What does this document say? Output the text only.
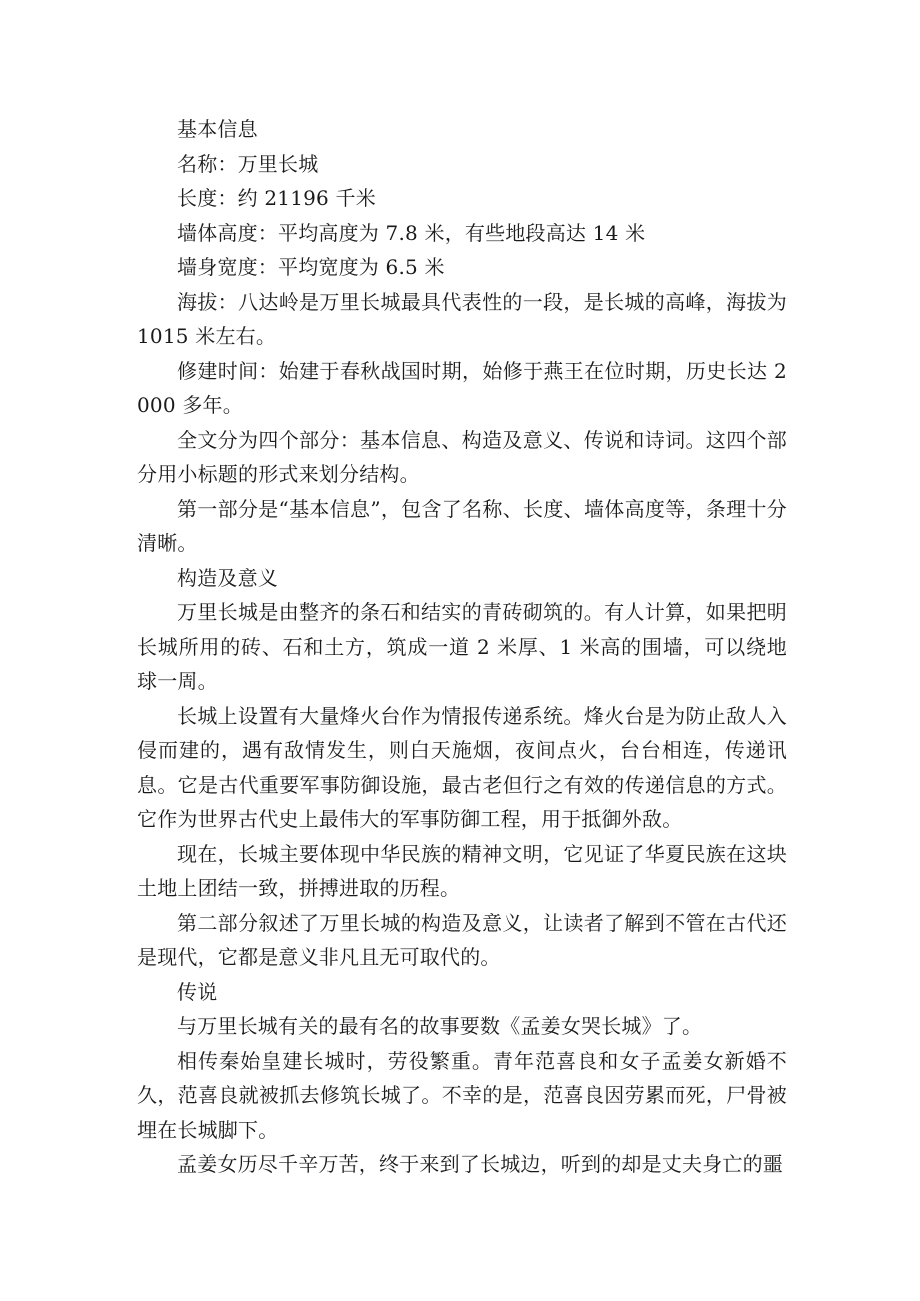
基本信息

名称：万里长城

长度：约 21196 千米

墙体高度：平均高度为 7.8 米，有些地段高达 14 米

墙身宽度：平均宽度为 6.5 米

海拔：八达岭是万里长城最具代表性的一段，是长城的高峰，海拔为 1015 米左右。

修建时间：始建于春秋战国时期，始修于燕王在位时期，历史长达 2000 多年。

全文分为四个部分：基本信息、构造及意义、传说和诗词。这四个部分用小标题的形式来划分结构。

第一部分是“基本信息”，包含了名称、长度、墙体高度等，条理十分清晰。

构造及意义

万里长城是由整齐的条石和结实的青砖砌筑的。有人计算，如果把明长城所用的砖、石和土方，筑成一道 2 米厚、1 米高的围墙，可以绕地球一周。

长城上设置有大量烽火台作为情报传递系统。烽火台是为防止敌人入侵而建的，遇有敌情发生，则白天施烟，夜间点火，台台相连，传递讯息。它是古代重要军事防御设施，最古老但行之有效的传递信息的方式。它作为世界古代史上最伟大的军事防御工程，用于抵御外敌。

现在，长城主要体现中华民族的精神文明，它见证了华夏民族在这块土地上团结一致，拼搏进取的历程。

第二部分叙述了万里长城的构造及意义，让读者了解到不管在古代还是现代，它都是意义非凡且无可取代的。

传说

与万里长城有关的最有名的故事要数《孟姜女哭长城》了。

相传秦始皇建长城时，劳役繁重。青年范喜良和女子孟姜女新婚不久，范喜良就被抓去修筑长城了。不幸的是，范喜良因劳累而死，尸骨被埋在长城脚下。

孟姜女历尽千辛万苦，终于来到了长城边，听到的却是丈夫身亡的噩
